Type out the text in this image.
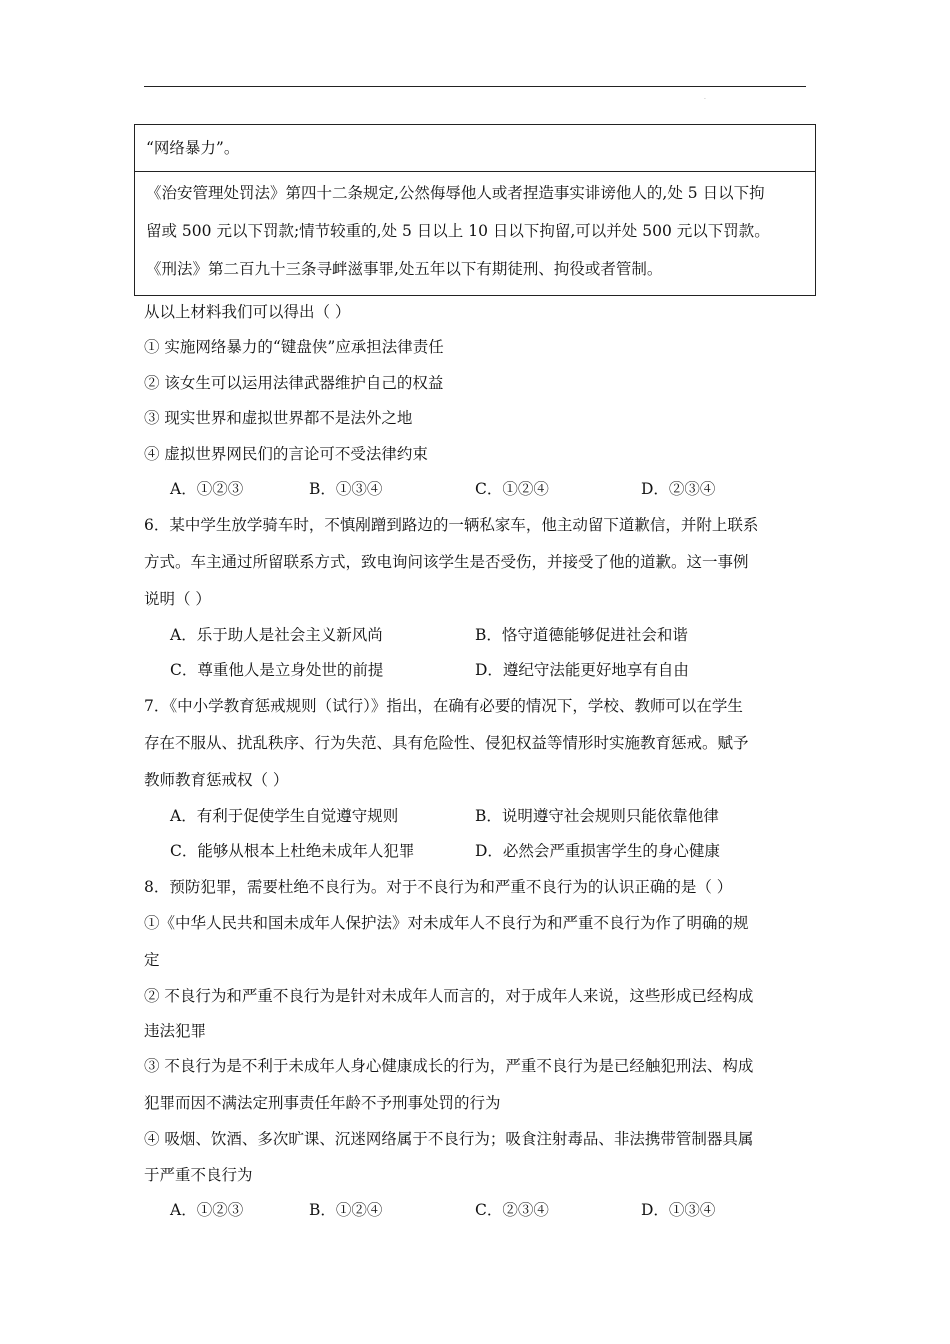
·

“网络暴力”。

《治安管理处罚法》第四十二条规定,公然侮辱他人或者捏造事实诽谤他人的,处 5 日以下拘

留或 500 元以下罚款;情节较重的,处 5 日以上 10 日以下拘留,可以并处 500 元以下罚款。

《刑法》第二百九十三条寻衅滋事罪,处五年以下有期徒刑、拘役或者管制。

从以上材料我们可以得出（ ）

① 实施网络暴力的“键盘侠”应承担法律责任

② 该女生可以运用法律武器维护自己的权益

③ 现实世界和虚拟世界都不是法外之地

④ 虚拟世界网民们的言论可不受法律约束

A．①②③	B．①③④	C．①②④	D．②③④

6．某中学生放学骑车时，不慎剐蹭到路边的一辆私家车，他主动留下道歉信，并附上联系

方式。车主通过所留联系方式，致电询问该学生是否受伤，并接受了他的道歉。这一事例

说明（ ）

A．乐于助人是社会主义新风尚	B．恪守道德能够促进社会和谐
C．尊重他人是立身处世的前提	D．遵纪守法能更好地享有自由

7．《中小学教育惩戒规则（试行）》指出，在确有必要的情况下，学校、教师可以在学生

存在不服从、扰乱秩序、行为失范、具有危险性、侵犯权益等情形时实施教育惩戒。赋予

教师教育惩戒权（ ）

A．有利于促使学生自觉遵守规则	B．说明遵守社会规则只能依靠他律
C．能够从根本上杜绝未成年人犯罪	D．必然会严重损害学生的身心健康

8．预防犯罪，需要杜绝不良行为。对于不良行为和严重不良行为的认识正确的是（ ）

①《中华人民共和国未成年人保护法》对未成年人不良行为和严重不良行为作了明确的规

定

② 不良行为和严重不良行为是针对未成年人而言的，对于成年人来说，这些形成已经构成

违法犯罪

③ 不良行为是不利于未成年人身心健康成长的行为，严重不良行为是已经触犯刑法、构成

犯罪而因不满法定刑事责任年龄不予刑事处罚的行为

④ 吸烟、饮酒、多次旷课、沉迷网络属于不良行为；吸食注射毒品、非法携带管制器具属

于严重不良行为

A．①②③	B．①②④	C．②③④	D．①③④
